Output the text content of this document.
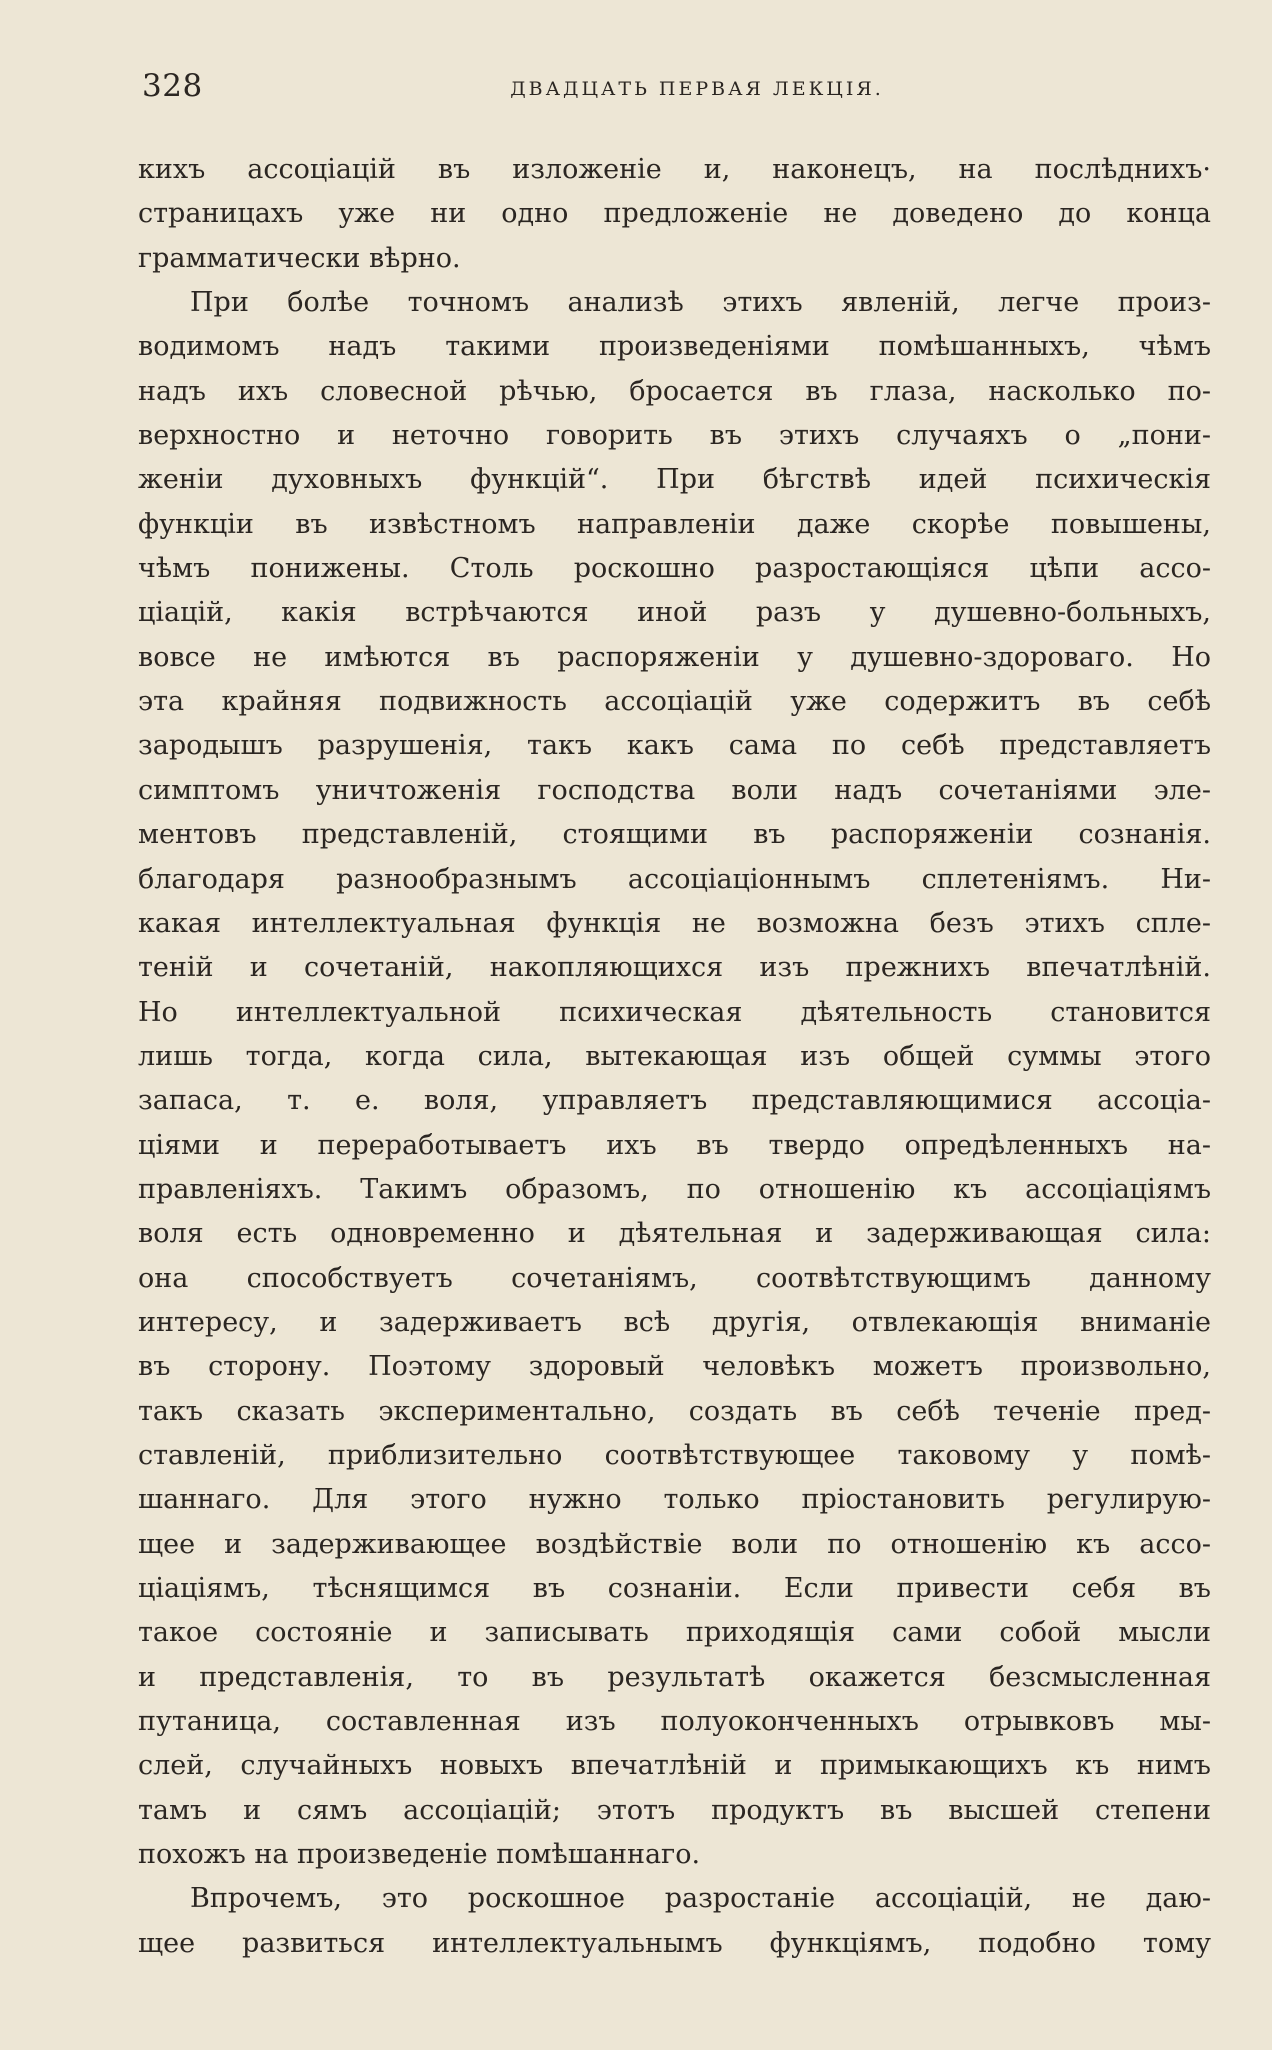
328	ДВАДЦАТЬ ПЕРВАЯ ЛЕКЦІЯ.
кихъ ассоціацій въ изложеніе и, наконецъ, на послѣднихъ·
страницахъ уже ни одно предложеніе не доведено до конца
грамматически вѣрно.
При болѣе точномъ анализѣ этихъ явленій, легче произ-
водимомъ надъ такими произведеніями помѣшанныхъ, чѣмъ
надъ ихъ словесной рѣчью, бросается въ глаза, насколько по-
верхностно и неточно говорить въ этихъ случаяхъ о „пони-
женіи духовныхъ функцій“. При бѣгствѣ идей психическія
функціи въ извѣстномъ направленіи даже скорѣе повышены,
чѣмъ понижены. Столь роскошно разростающіяся цѣпи ассо-
ціацій, какія встрѣчаются иной разъ у душевно-больныхъ,
вовсе не имѣются въ распоряженіи у душевно-здороваго. Но
эта крайняя подвижность ассоціацій уже содержитъ въ себѣ
зародышъ разрушенія, такъ какъ сама по себѣ представляетъ
симптомъ уничтоженія господства воли надъ сочетаніями эле-
ментовъ представленій, стоящими въ распоряженіи сознанія.
благодаря разнообразнымъ ассоціаціоннымъ сплетеніямъ. Ни-
какая интеллектуальная функція не возможна безъ этихъ спле-
теній и сочетаній, накопляющихся изъ прежнихъ впечатлѣній.
Но интеллектуальной психическая дѣятельность становится
лишь тогда, когда сила, вытекающая изъ общей суммы этого
запаса, т. е. воля, управляетъ представляющимися ассоціа-
ціями и переработываетъ ихъ въ твердо опредѣленныхъ на-
правленіяхъ. Такимъ образомъ, по отношенію къ ассоціаціямъ
воля есть одновременно и дѣятельная и задерживающая сила:
она способствуетъ сочетаніямъ, соотвѣтствующимъ данному
интересу, и задерживаетъ всѣ другія, отвлекающія вниманіе
въ сторону. Поэтому здоровый человѣкъ можетъ произвольно,
такъ сказать экспериментально, создать въ себѣ теченіе пред-
ставленій, приблизительно соотвѣтствующее таковому у помѣ-
шаннаго. Для этого нужно только пріостановить регулирую-
щее и задерживающее воздѣйствіе воли по отношенію къ ассо-
ціаціямъ, тѣснящимся въ сознаніи. Если привести себя въ
такое состояніе и записывать приходящія сами собой мысли
и представленія, то въ результатѣ окажется безсмысленная
путаница, составленная изъ полуоконченныхъ отрывковъ мы-
слей, случайныхъ новыхъ впечатлѣній и примыкающихъ къ нимъ
тамъ и сямъ ассоціацій; этотъ продуктъ въ высшей степени
похожъ на произведеніе помѣшаннаго.
Впрочемъ, это роскошное разростаніе ассоціацій, не даю-
щее развиться интеллектуальнымъ функціямъ, подобно тому
